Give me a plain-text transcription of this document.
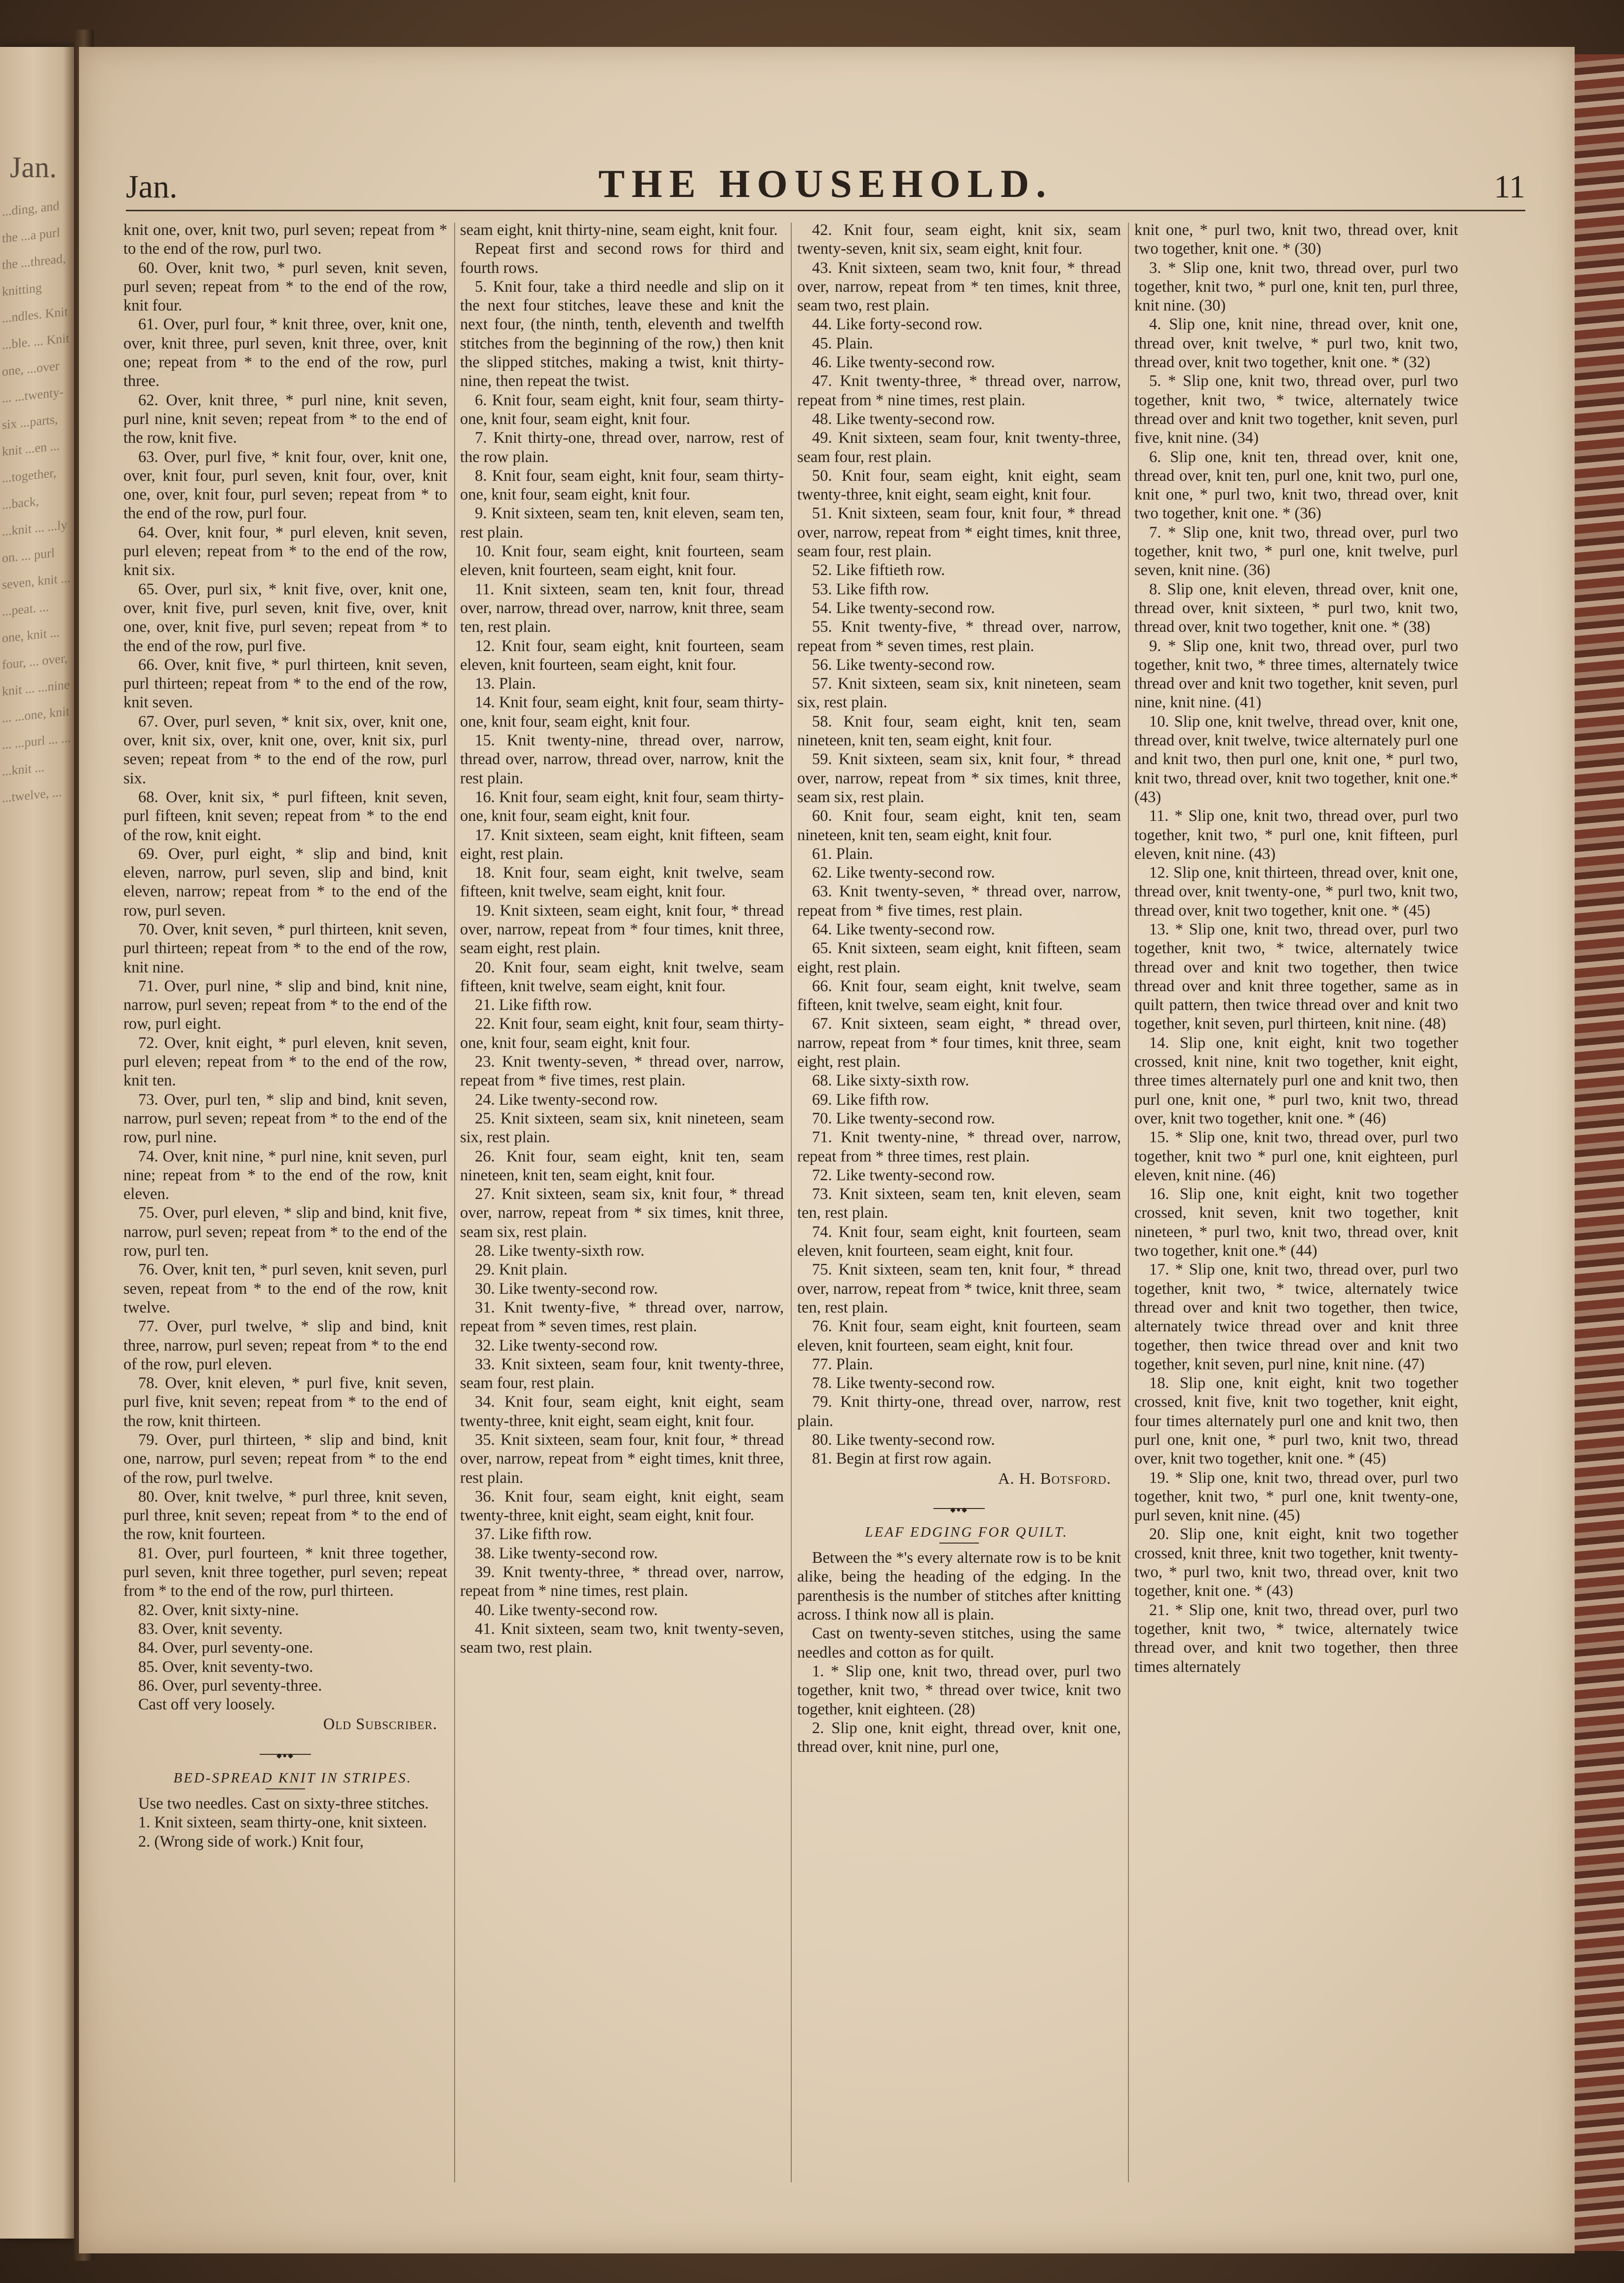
Jan.
...ding, and the ...a purl the ...thread, knitting ...ndles. Knit ...ble. ... Knit one, ...over ... ...twenty-six ...parts, knit ...en ... ...together, ...back, ...knit ... ...ly on. ... purl seven, knit ... ...peat. ... one, knit ... four, ... over, knit ... ...nine ... ...one, knit ... ...purl ... ... ...knit ... ...twelve, ...
Jan.	THE HOUSEHOLD.	11

knit one, over, knit two, purl seven; repeat from * to the end of the row, purl two.

60. Over, knit two, * purl seven, knit seven, purl seven; repeat from * to the end of the row, knit four.

61. Over, purl four, * knit three, over, knit one, over, knit three, purl seven, knit three, over, knit one; repeat from * to the end of the row, purl three.

62. Over, knit three, * purl nine, knit seven, purl nine, knit seven; repeat from * to the end of the row, knit five.

63. Over, purl five, * knit four, over, knit one, over, knit four, purl seven, knit four, over, knit one, over, knit four, purl seven; repeat from * to the end of the row, purl four.

64. Over, knit four, * purl eleven, knit seven, purl eleven; repeat from * to the end of the row, knit six.

65. Over, purl six, * knit five, over, knit one, over, knit five, purl seven, knit five, over, knit one, over, knit five, purl seven; repeat from * to the end of the row, purl five.

66. Over, knit five, * purl thirteen, knit seven, purl thirteen; repeat from * to the end of the row, knit seven.

67. Over, purl seven, * knit six, over, knit one, over, knit six, over, knit one, over, knit six, purl seven; repeat from * to the end of the row, purl six.

68. Over, knit six, * purl fifteen, knit seven, purl fifteen, knit seven; repeat from * to the end of the row, knit eight.

69. Over, purl eight, * slip and bind, knit eleven, narrow, purl seven, slip and bind, knit eleven, narrow; repeat from * to the end of the row, purl seven.

70. Over, knit seven, * purl thirteen, knit seven, purl thirteen; repeat from * to the end of the row, knit nine.

71. Over, purl nine, * slip and bind, knit nine, narrow, purl seven; repeat from * to the end of the row, purl eight.

72. Over, knit eight, * purl eleven, knit seven, purl eleven; repeat from * to the end of the row, knit ten.

73. Over, purl ten, * slip and bind, knit seven, narrow, purl seven; repeat from * to the end of the row, purl nine.

74. Over, knit nine, * purl nine, knit seven, purl nine; repeat from * to the end of the row, knit eleven.

75. Over, purl eleven, * slip and bind, knit five, narrow, purl seven; repeat from * to the end of the row, purl ten.

76. Over, knit ten, * purl seven, knit seven, purl seven, repeat from * to the end of the row, knit twelve.

77. Over, purl twelve, * slip and bind, knit three, narrow, purl seven; repeat from * to the end of the row, purl eleven.

78. Over, knit eleven, * purl five, knit seven, purl five, knit seven; repeat from * to the end of the row, knit thirteen.

79. Over, purl thirteen, * slip and bind, knit one, narrow, purl seven; repeat from * to the end of the row, purl twelve.

80. Over, knit twelve, * purl three, knit seven, purl three, knit seven; repeat from * to the end of the row, knit fourteen.

81. Over, purl fourteen, * knit three together, purl seven, knit three together, purl seven; repeat from * to the end of the row, purl thirteen.

82. Over, knit sixty-nine.

83. Over, knit seventy.

84. Over, purl seventy-one.

85. Over, knit seventy-two.

86. Over, purl seventy-three.

Cast off very loosely.

Old Subscriber.

◆●◆

BED-SPREAD KNIT IN STRIPES.

Use two needles. Cast on sixty-three stitches.

1. Knit sixteen, seam thirty-one, knit sixteen.

2. (Wrong side of work.) Knit four,

seam eight, knit thirty-nine, seam eight, knit four.

Repeat first and second rows for third and fourth rows.

5. Knit four, take a third needle and slip on it the next four stitches, leave these and knit the next four, (the ninth, tenth, eleventh and twelfth stitches from the beginning of the row,) then knit the slipped stitches, making a twist, knit thirty-nine, then repeat the twist.

6. Knit four, seam eight, knit four, seam thirty-one, knit four, seam eight, knit four.

7. Knit thirty-one, thread over, narrow, rest of the row plain.

8. Knit four, seam eight, knit four, seam thirty-one, knit four, seam eight, knit four.

9. Knit sixteen, seam ten, knit eleven, seam ten, rest plain.

10. Knit four, seam eight, knit fourteen, seam eleven, knit fourteen, seam eight, knit four.

11. Knit sixteen, seam ten, knit four, thread over, narrow, thread over, narrow, knit three, seam ten, rest plain.

12. Knit four, seam eight, knit fourteen, seam eleven, knit fourteen, seam eight, knit four.

13. Plain.

14. Knit four, seam eight, knit four, seam thirty-one, knit four, seam eight, knit four.

15. Knit twenty-nine, thread over, narrow, thread over, narrow, thread over, narrow, knit the rest plain.

16. Knit four, seam eight, knit four, seam thirty-one, knit four, seam eight, knit four.

17. Knit sixteen, seam eight, knit fifteen, seam eight, rest plain.

18. Knit four, seam eight, knit twelve, seam fifteen, knit twelve, seam eight, knit four.

19. Knit sixteen, seam eight, knit four, * thread over, narrow, repeat from * four times, knit three, seam eight, rest plain.

20. Knit four, seam eight, knit twelve, seam fifteen, knit twelve, seam eight, knit four.

21. Like fifth row.

22. Knit four, seam eight, knit four, seam thirty-one, knit four, seam eight, knit four.

23. Knit twenty-seven, * thread over, narrow, repeat from * five times, rest plain.

24. Like twenty-second row.

25. Knit sixteen, seam six, knit nineteen, seam six, rest plain.

26. Knit four, seam eight, knit ten, seam nineteen, knit ten, seam eight, knit four.

27. Knit sixteen, seam six, knit four, * thread over, narrow, repeat from * six times, knit three, seam six, rest plain.

28. Like twenty-sixth row.

29. Knit plain.

30. Like twenty-second row.

31. Knit twenty-five, * thread over, narrow, repeat from * seven times, rest plain.

32. Like twenty-second row.

33. Knit sixteen, seam four, knit twenty-three, seam four, rest plain.

34. Knit four, seam eight, knit eight, seam twenty-three, knit eight, seam eight, knit four.

35. Knit sixteen, seam four, knit four, * thread over, narrow, repeat from * eight times, knit three, rest plain.

36. Knit four, seam eight, knit eight, seam twenty-three, knit eight, seam eight, knit four.

37. Like fifth row.

38. Like twenty-second row.

39. Knit twenty-three, * thread over, narrow, repeat from * nine times, rest plain.

40. Like twenty-second row.

41. Knit sixteen, seam two, knit twenty-seven, seam two, rest plain.

42. Knit four, seam eight, knit six, seam twenty-seven, knit six, seam eight, knit four.

43. Knit sixteen, seam two, knit four, * thread over, narrow, repeat from * ten times, knit three, seam two, rest plain.

44. Like forty-second row.

45. Plain.

46. Like twenty-second row.

47. Knit twenty-three, * thread over, narrow, repeat from * nine times, rest plain.

48. Like twenty-second row.

49. Knit sixteen, seam four, knit twenty-three, seam four, rest plain.

50. Knit four, seam eight, knit eight, seam twenty-three, knit eight, seam eight, knit four.

51. Knit sixteen, seam four, knit four, * thread over, narrow, repeat from * eight times, knit three, seam four, rest plain.

52. Like fiftieth row.

53. Like fifth row.

54. Like twenty-second row.

55. Knit twenty-five, * thread over, narrow, repeat from * seven times, rest plain.

56. Like twenty-second row.

57. Knit sixteen, seam six, knit nineteen, seam six, rest plain.

58. Knit four, seam eight, knit ten, seam nineteen, knit ten, seam eight, knit four.

59. Knit sixteen, seam six, knit four, * thread over, narrow, repeat from * six times, knit three, seam six, rest plain.

60. Knit four, seam eight, knit ten, seam nineteen, knit ten, seam eight, knit four.

61. Plain.

62. Like twenty-second row.

63. Knit twenty-seven, * thread over, narrow, repeat from * five times, rest plain.

64. Like twenty-second row.

65. Knit sixteen, seam eight, knit fifteen, seam eight, rest plain.

66. Knit four, seam eight, knit twelve, seam fifteen, knit twelve, seam eight, knit four.

67. Knit sixteen, seam eight, * thread over, narrow, repeat from * four times, knit three, seam eight, rest plain.

68. Like sixty-sixth row.

69. Like fifth row.

70. Like twenty-second row.

71. Knit twenty-nine, * thread over, narrow, repeat from * three times, rest plain.

72. Like twenty-second row.

73. Knit sixteen, seam ten, knit eleven, seam ten, rest plain.

74. Knit four, seam eight, knit fourteen, seam eleven, knit fourteen, seam eight, knit four.

75. Knit sixteen, seam ten, knit four, * thread over, narrow, repeat from * twice, knit three, seam ten, rest plain.

76. Knit four, seam eight, knit fourteen, seam eleven, knit fourteen, seam eight, knit four.

77. Plain.

78. Like twenty-second row.

79. Knit thirty-one, thread over, narrow, rest plain.

80. Like twenty-second row.

81. Begin at first row again.

A. H. Botsford.

◆●◆

LEAF EDGING FOR QUILT.

Between the *'s every alternate row is to be knit alike, being the heading of the edging. In the parenthesis is the number of stitches after knitting across. I think now all is plain.

Cast on twenty-seven stitches, using the same needles and cotton as for quilt.

1. * Slip one, knit two, thread over, purl two together, knit two, * thread over twice, knit two together, knit eighteen. (28)

2. Slip one, knit eight, thread over, knit one, thread over, knit nine, purl one,

knit one, * purl two, knit two, thread over, knit two together, knit one. * (30)

3. * Slip one, knit two, thread over, purl two together, knit two, * purl one, knit ten, purl three, knit nine. (30)

4. Slip one, knit nine, thread over, knit one, thread over, knit twelve, * purl two, knit two, thread over, knit two together, knit one. * (32)

5. * Slip one, knit two, thread over, purl two together, knit two, * twice, alternately twice thread over and knit two together, knit seven, purl five, knit nine. (34)

6. Slip one, knit ten, thread over, knit one, thread over, knit ten, purl one, knit two, purl one, knit one, * purl two, knit two, thread over, knit two together, knit one. * (36)

7. * Slip one, knit two, thread over, purl two together, knit two, * purl one, knit twelve, purl seven, knit nine. (36)

8. Slip one, knit eleven, thread over, knit one, thread over, knit sixteen, * purl two, knit two, thread over, knit two together, knit one. * (38)

9. * Slip one, knit two, thread over, purl two together, knit two, * three times, alternately twice thread over and knit two together, knit seven, purl nine, knit nine. (41)

10. Slip one, knit twelve, thread over, knit one, thread over, knit twelve, twice alternately purl one and knit two, then purl one, knit one, * purl two, knit two, thread over, knit two together, knit one.* (43)

11. * Slip one, knit two, thread over, purl two together, knit two, * purl one, knit fifteen, purl eleven, knit nine. (43)

12. Slip one, knit thirteen, thread over, knit one, thread over, knit twenty-one, * purl two, knit two, thread over, knit two together, knit one. * (45)

13. * Slip one, knit two, thread over, purl two together, knit two, * twice, alternately twice thread over and knit two together, then twice thread over and knit three together, same as in quilt pattern, then twice thread over and knit two together, knit seven, purl thirteen, knit nine. (48)

14. Slip one, knit eight, knit two together crossed, knit nine, knit two together, knit eight, three times alternately purl one and knit two, then purl one, knit one, * purl two, knit two, thread over, knit two together, knit one. * (46)

15. * Slip one, knit two, thread over, purl two together, knit two * purl one, knit eighteen, purl eleven, knit nine. (46)

16. Slip one, knit eight, knit two together crossed, knit seven, knit two together, knit nineteen, * purl two, knit two, thread over, knit two together, knit one.* (44)

17. * Slip one, knit two, thread over, purl two together, knit two, * twice, alternately twice thread over and knit two together, then twice, alternately twice thread over and knit three together, then twice thread over and knit two together, knit seven, purl nine, knit nine. (47)

18. Slip one, knit eight, knit two together crossed, knit five, knit two together, knit eight, four times alternately purl one and knit two, then purl one, knit one, * purl two, knit two, thread over, knit two together, knit one. * (45)

19. * Slip one, knit two, thread over, purl two together, knit two, * purl one, knit twenty-one, purl seven, knit nine. (45)

20. Slip one, knit eight, knit two together crossed, knit three, knit two together, knit twenty-two, * purl two, knit two, thread over, knit two together, knit one. * (43)

21. * Slip one, knit two, thread over, purl two together, knit two, * twice, alternately twice thread over, and knit two together, then three times alternately
